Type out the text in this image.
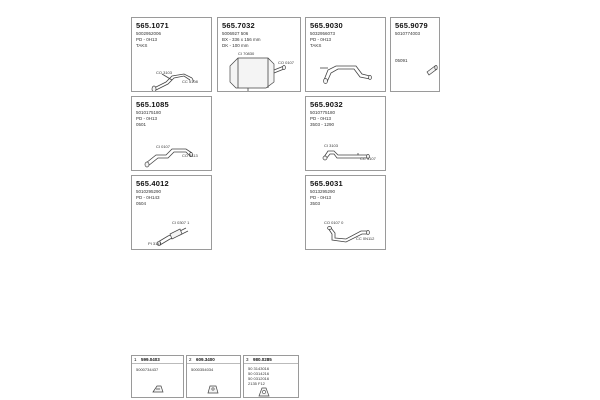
565.1071
5002952006
PD - 0H13
TAKS
CO 3103
CC 5108
565.7032
5006927 506
BX - 336 x 156 mm
DK - 100 mm
CI 70830
CO 0107
565.9030
5032956073
PD - 0H13
TAKS
565.9079
5010774003
05091
565.1085
5010175180
PD - 0H13
0501
CI 0107
CO 3113
565.9032
5010775180
PD - 0H13
3503 - 1290
CI 3103
CC 3107
565.4012
5010295290
PD - 0H143
0504
CI 0307 1
PI 3111
565.9031
5013295290
PD - 0H13
3503
CO 0107 0
CC 0N112
1 599.0403
5000734437
2 609.3400
5000354034
3 980.0285
50 3143016
50 0314216
50 0312016
2135 F12
